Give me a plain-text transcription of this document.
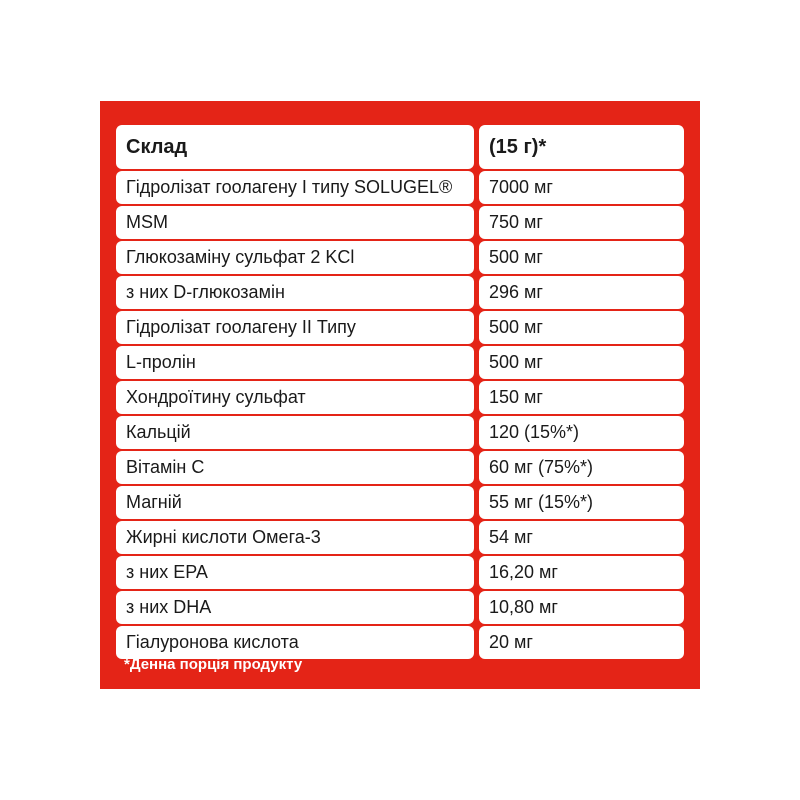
Склад	(15 г)*
Гідролізат гоолагену I типу SOLUGEL®	7000 мг
MSM	750 мг
Глюкозаміну сульфат 2 KCl	500 мг
з них D-глюкозамін	296 мг
Гідролізат гоолагену II Типу	500 мг
L-пролін	500 мг
Хондроїтину сульфат	150 мг
Кальцій	120 (15%*)
Вітамін С	60 мг (75%*)
Магній	55 мг (15%*)
Жирні кислоти Омега-3	54 мг
з них EPA	16,20 мг
з них DHA	10,80 мг
Гіалуронова кислота	20 мг
*Денна порція продукту
